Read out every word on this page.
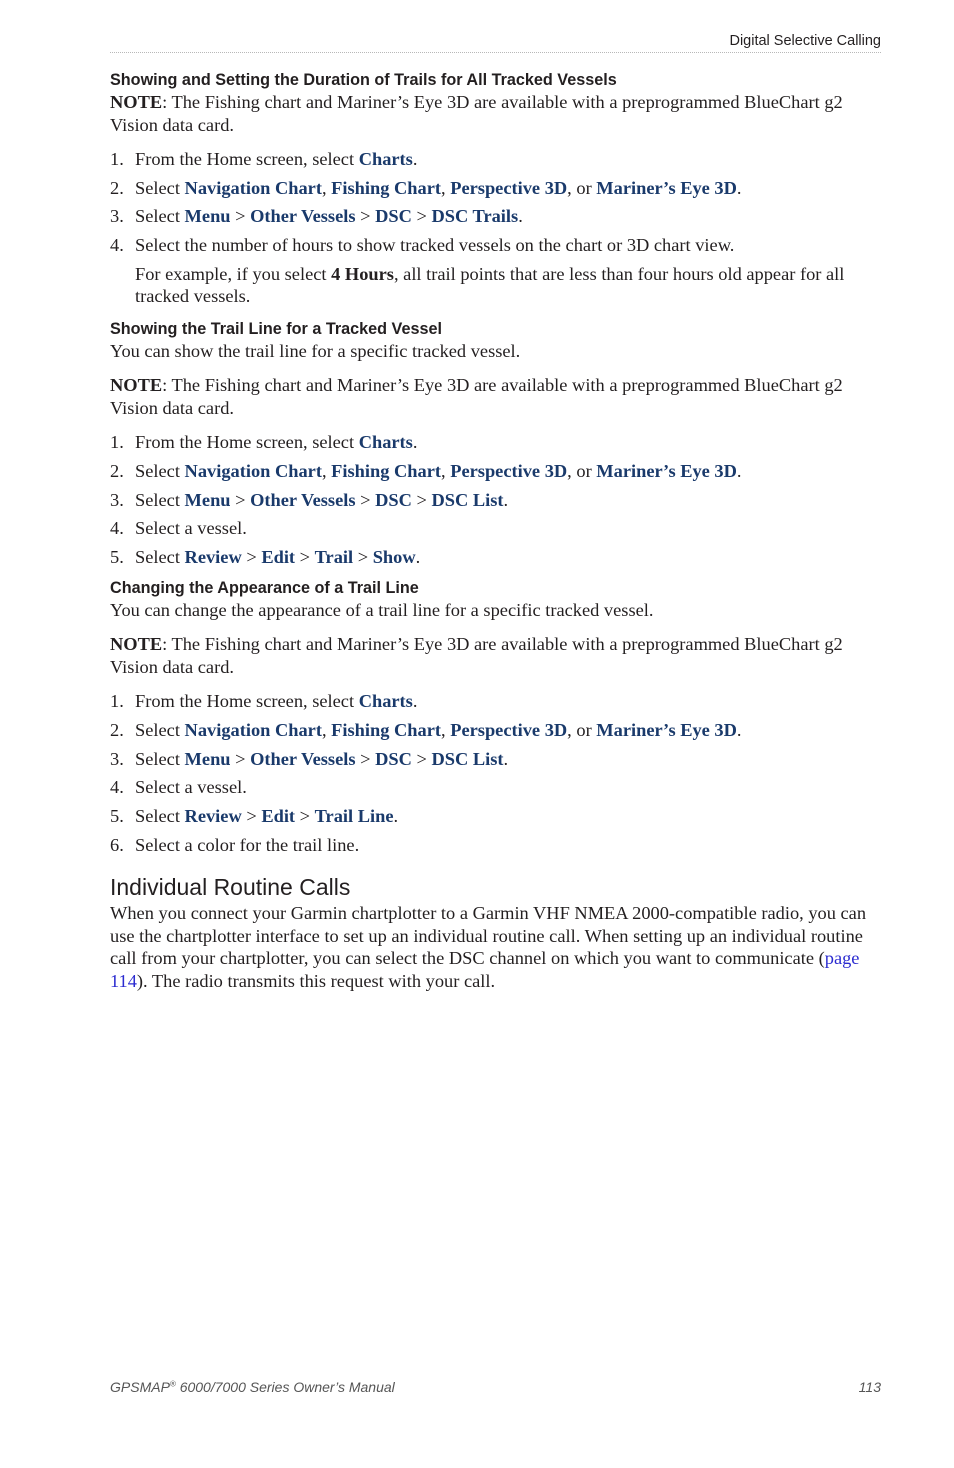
Digital Selective Calling
Showing and Setting the Duration of Trails for All Tracked Vessels

NOTE: The Fishing chart and Mariner’s Eye 3D are available with a preprogrammed BlueChart g2 Vision data card.

1. From the Home screen, select Charts.
2. Select Navigation Chart, Fishing Chart, Perspective 3D, or Mariner’s Eye 3D.
3. Select Menu > Other Vessels > DSC > DSC Trails.
4. Select the number of hours to show tracked vessels on the chart or 3D chart view.

For example, if you select 4 Hours, all trail points that are less than four hours old appear for all tracked vessels.

Showing the Trail Line for a Tracked Vessel

You can show the trail line for a specific tracked vessel.

NOTE: The Fishing chart and Mariner’s Eye 3D are available with a preprogrammed BlueChart g2 Vision data card.

1. From the Home screen, select Charts.
2. Select Navigation Chart, Fishing Chart, Perspective 3D, or Mariner’s Eye 3D.
3. Select Menu > Other Vessels > DSC > DSC List.
4. Select a vessel.
5. Select Review > Edit > Trail > Show.
Changing the Appearance of a Trail Line

You can change the appearance of a trail line for a specific tracked vessel.

NOTE: The Fishing chart and Mariner’s Eye 3D are available with a preprogrammed BlueChart g2 Vision data card.

1. From the Home screen, select Charts.
2. Select Navigation Chart, Fishing Chart, Perspective 3D, or Mariner’s Eye 3D.
3. Select Menu > Other Vessels > DSC > DSC List.
4. Select a vessel.
5. Select Review > Edit > Trail Line.
6. Select a color for the trail line.
Individual Routine Calls

When you connect your Garmin chartplotter to a Garmin VHF NMEA 2000-compatible radio, you can use the chartplotter interface to set up an individual routine call. When setting up an individual routine call from your chartplotter, you can select the DSC channel on which you want to communicate (page 114). The radio transmits this request with your call.

GPSMAP® 6000/7000 Series Owner’s Manual	113
